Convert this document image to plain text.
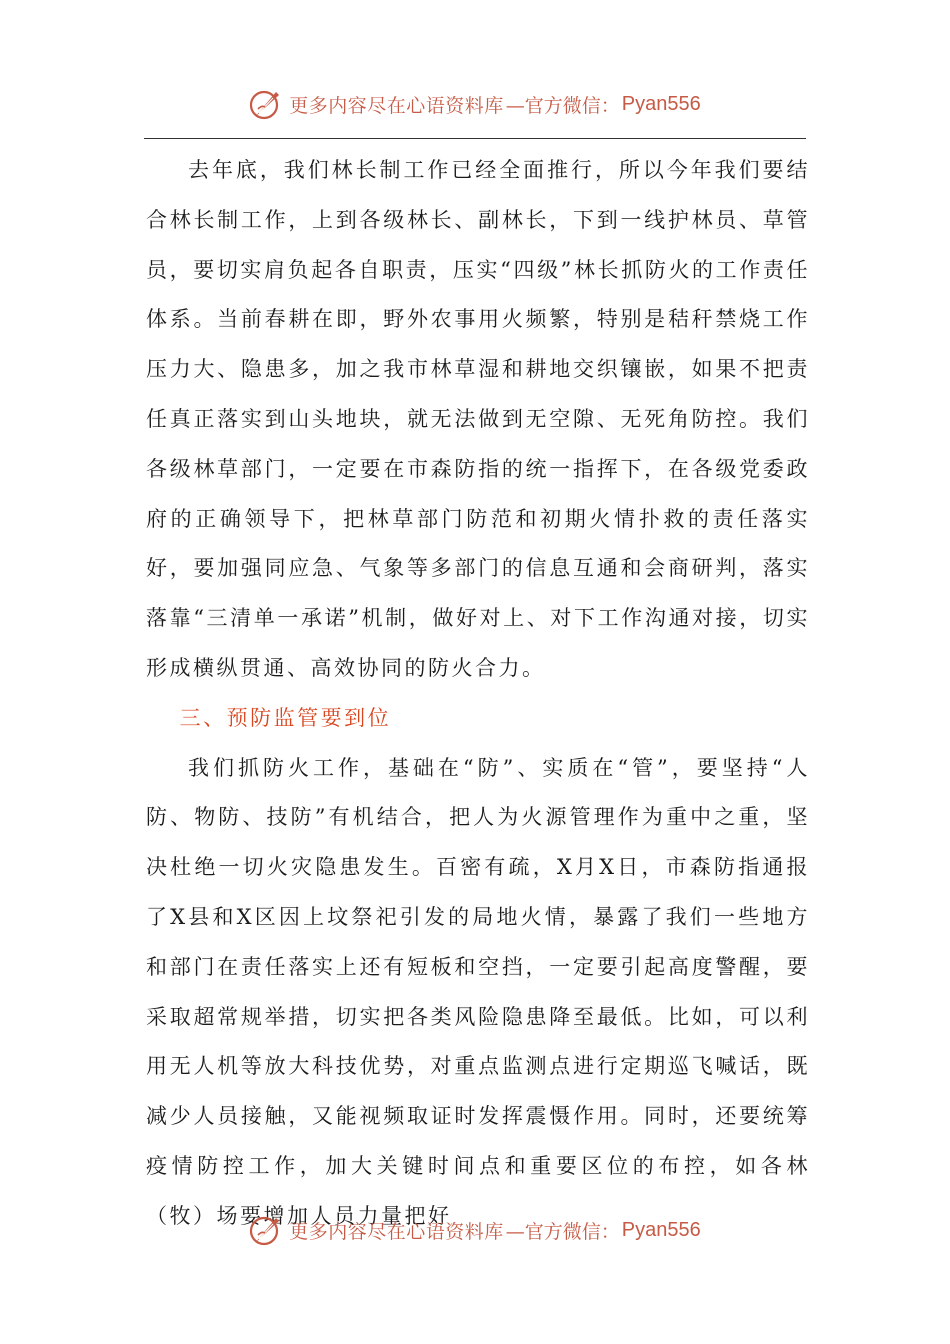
更多内容尽在心语资料库 —官方微信： Pyan556

去年底，我们林长制工作已经全面推行，所以今年我们要结合林长制工作，上到各级林长、副林长，下到一线护林员、草管员，要切实肩负起各自职责，压实“四级”林长抓防火的工作责任体系。当前春耕在即，野外农事用火频繁，特别是秸秆禁烧工作压力大、隐患多，加之我市林草湿和耕地交织镶嵌，如果不把责任真正落实到山头地块，就无法做到无空隙、无死角防控。我们各级林草部门，一定要在市森防指的统一指挥下，在各级党委政府的正确领导下，把林草部门防范和初期火情扑救的责任落实好，要加强同应急、气象等多部门的信息互通和会商研判，落实落靠“三清单一承诺”机制，做好对上、对下工作沟通对接，切实形成横纵贯通、高效协同的防火合力。

三、预防监管要到位

我们抓防火工作，基础在“防”、实质在“管”，要坚持“人防、物防、技防”有机结合，把人为火源管理作为重中之重，坚决杜绝一切火灾隐患发生。百密有疏，X月X日，市森防指通报了X县和X区因上坟祭祀引发的局地火情，暴露了我们一些地方和部门在责任落实上还有短板和空挡，一定要引起高度警醒，要采取超常规举措，切实把各类风险隐患降至最低。比如，可以利用无人机等放大科技优势，对重点监测点进行定期巡飞喊话，既减少人员接触，又能视频取证时发挥震慑作用。同时，还要统筹疫情防控工作，加大关键时间点和重要区位的布控，如各林（牧）场要增加人员力量把好

更多内容尽在心语资料库 —官方微信： Pyan556
